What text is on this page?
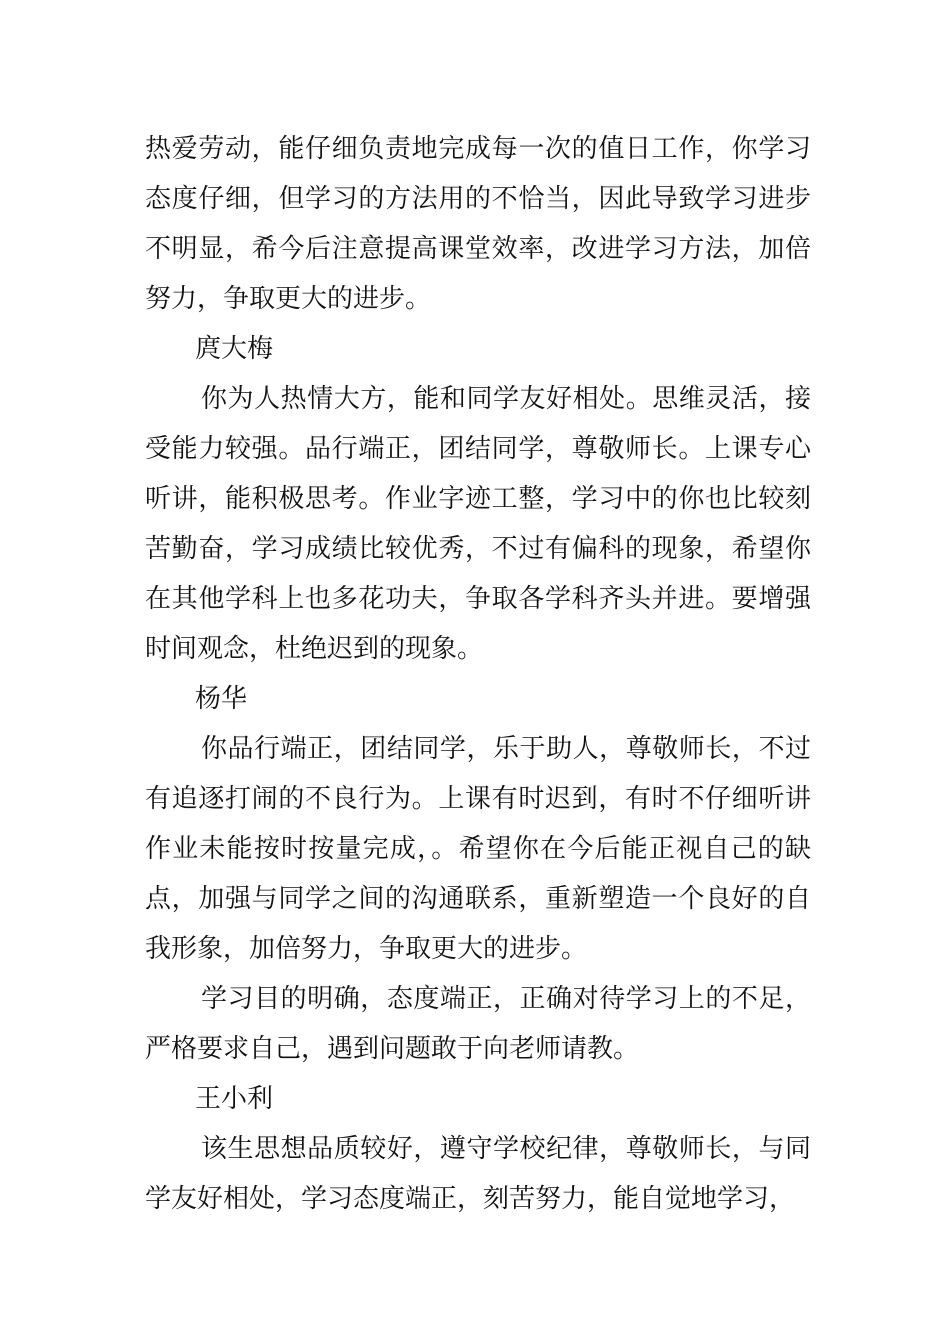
热爱劳动，能仔细负责地完成每一次的值日工作，你学习态度仔细，但学习的方法用的不恰当，因此导致学习进步不明显，希今后注意提高课堂效率，改进学习方法，加倍努力，争取更大的进步。

庹大梅

你为人热情大方，能和同学友好相处。思维灵活，接受能力较强。品行端正，团结同学，尊敬师长。上课专心听讲，能积极思考。作业字迹工整，学习中的你也比较刻苦勤奋，学习成绩比较优秀，不过有偏科的现象，希望你在其他学科上也多花功夫，争取各学科齐头并进。要增强时间观念，杜绝迟到的现象。

杨华

你品行端正，团结同学，乐于助人，尊敬师长，不过有追逐打闹的不良行为。上课有时迟到，有时不仔细听讲作业未能按时按量完成，。希望你在今后能正视自己的缺点，加强与同学之间的沟通联系，重新塑造一个良好的自我形象，加倍努力，争取更大的进步。

学习目的明确，态度端正，正确对待学习上的不足，严格要求自己，遇到问题敢于向老师请教。

王小利

该生思想品质较好，遵守学校纪律，尊敬师长，与同学友好相处，学习态度端正，刻苦努力，能自觉地学习，
